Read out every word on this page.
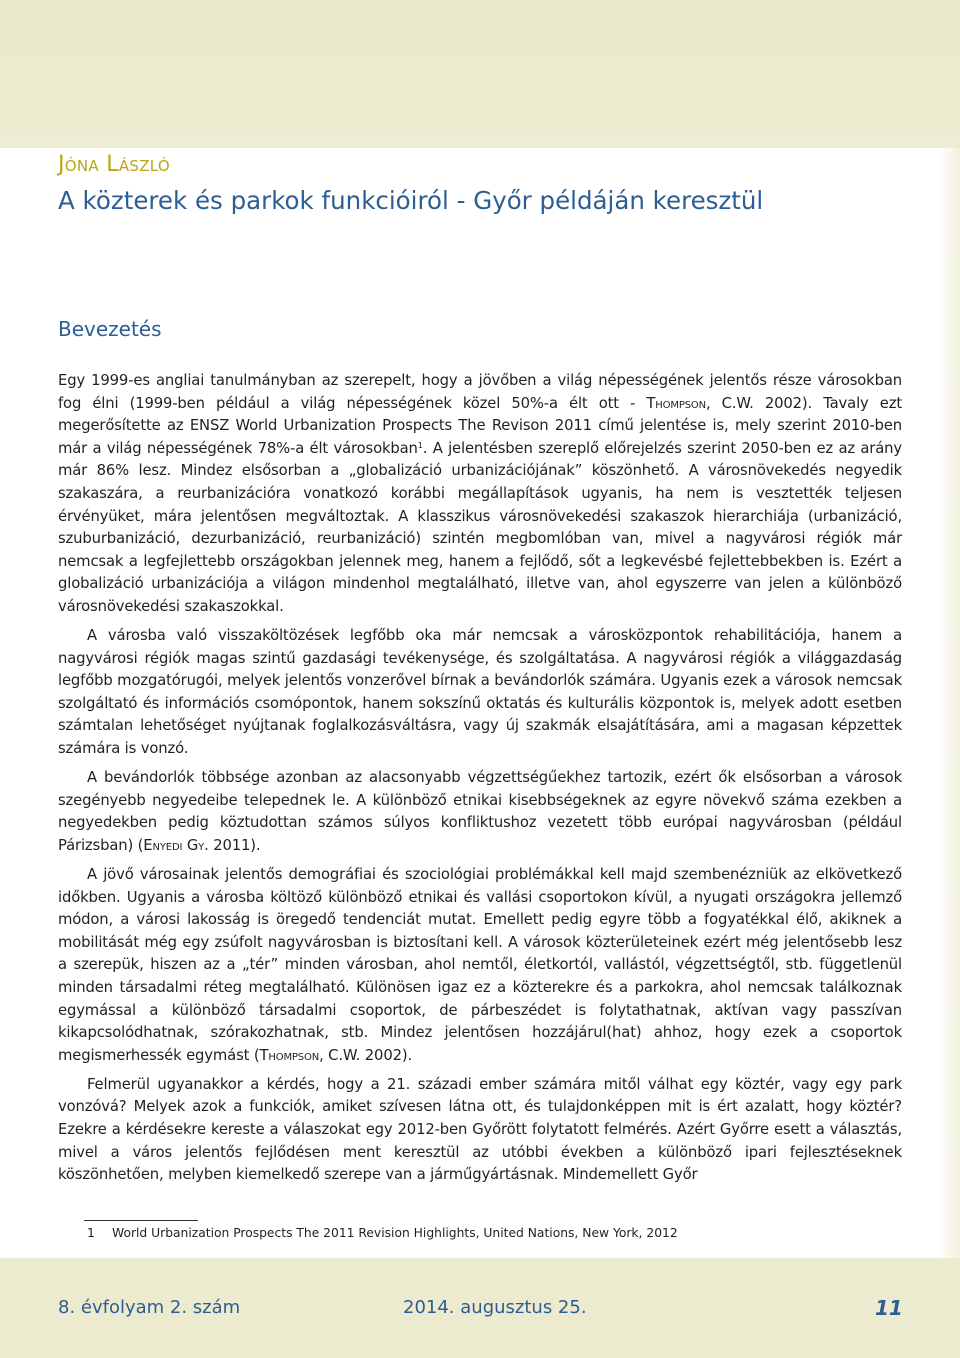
Jóna László
A közterek és parkok funkcióiról - Győr példáján keresztül
Bevezetés

Egy 1999-es angliai tanulmányban az szerepelt, hogy a jövőben a világ népességének jelentős része városokban fog élni (1999-ben például a világ népességének közel 50%-a élt ott - Thompson, C.W. 2002). Tavaly ezt megerősítette az ENSZ World Urbanization Prospects The Revison 2011 című jelentése is, mely szerint 2010-ben már a világ népességének 78%-a élt városokban$^1$. A jelentésben szereplő előrejelzés szerint 2050-ben ez az arány már 86% lesz. Mindez elsősorban a „globalizáció urbanizációjának” köszönhető. A városnövekedés negyedik szakaszára, a reurbanizációra vonatkozó korábbi megállapítások ugyanis, ha nem is vesztették teljesen érvényüket, mára jelentősen megváltoztak. A klasszikus városnövekedési szakaszok hierarchiája (urbanizáció, szuburbanizáció, dezurbanizáció, reurbanizáció) szintén megbomlóban van, mivel a nagyvárosi régiók már nemcsak a legfejlettebb országokban jelennek meg, hanem a fejlődő, sőt a legkevésbé fejlettebbekben is. Ezért a globalizáció urbanizációja a világon mindenhol megtalálható, illetve van, ahol egyszerre van jelen a különböző városnövekedési szakaszokkal.

A városba való visszaköltözések legfőbb oka már nemcsak a városközpontok rehabilitációja, hanem a nagyvárosi régiók magas szintű gazdasági tevékenysége, és szolgáltatása. A nagyvárosi régiók a világgazdaság legfőbb mozgatórugói, melyek jelentős vonzerővel bírnak a bevándorlók számára. Ugyanis ezek a városok nemcsak szolgáltató és információs csomópontok, hanem sokszínű oktatás és kulturális központok is, melyek adott esetben számtalan lehetőséget nyújtanak foglalkozásváltásra, vagy új szakmák elsajátítására, ami a magasan képzettek számára is vonzó.

A bevándorlók többsége azonban az alacsonyabb végzettségűekhez tartozik, ezért ők elsősorban a városok szegényebb negyedeibe telepednek le. A különböző etnikai kisebbségeknek az egyre növekvő száma ezekben a negyedekben pedig köztudottan számos súlyos konfliktushoz vezetett több európai nagyvárosban (például Párizsban) (Enyedi Gy. 2011).

A jövő városainak jelentős demográfiai és szociológiai problémákkal kell majd szembenézniük az elkövetkező időkben. Ugyanis a városba költöző különböző etnikai és vallási csoportokon kívül, a nyugati országokra jellemző módon, a városi lakosság is öregedő tendenciát mutat. Emellett pedig egyre több a fogyatékkal élő, akiknek a mobilitását még egy zsúfolt nagyvárosban is biztosítani kell. A városok közterületeinek ezért még jelentősebb lesz a szerepük, hiszen az a „tér” minden városban, ahol nemtől, életkortól, vallástól, végzettségtől, stb. függetlenül minden társadalmi réteg megtalálható. Különösen igaz ez a közterekre és a parkokra, ahol nemcsak találkoznak egymással a különböző társadalmi csoportok, de párbeszédet is folytathatnak, aktívan vagy passzívan kikapcsolódhatnak, szórakozhatnak, stb. Mindez jelentősen hozzájárul(hat) ahhoz, hogy ezek a csoportok megismerhessék egymást (Thompson, C.W. 2002).

Felmerül ugyanakkor a kérdés, hogy a 21. századi ember számára mitől válhat egy köztér, vagy egy park vonzóvá? Melyek azok a funkciók, amiket szívesen látna ott, és tulajdonképpen mit is ért azalatt, hogy köztér? Ezekre a kérdésekre kereste a válaszokat egy 2012-ben Győrött folytatott felmérés. Azért Győrre esett a választás, mivel a város jelentős fejlődésen ment keresztül az utóbbi években a különböző ipari fejlesztéseknek köszönhetően, melyben kiemelkedő szerepe van a járműgyártásnak. Mindemellett Győr

1 World Urbanization Prospects The 2011 Revision Highlights, United Nations, New York, 2012
8. évfolyam 2. szám	2014. augusztus 25.	11
